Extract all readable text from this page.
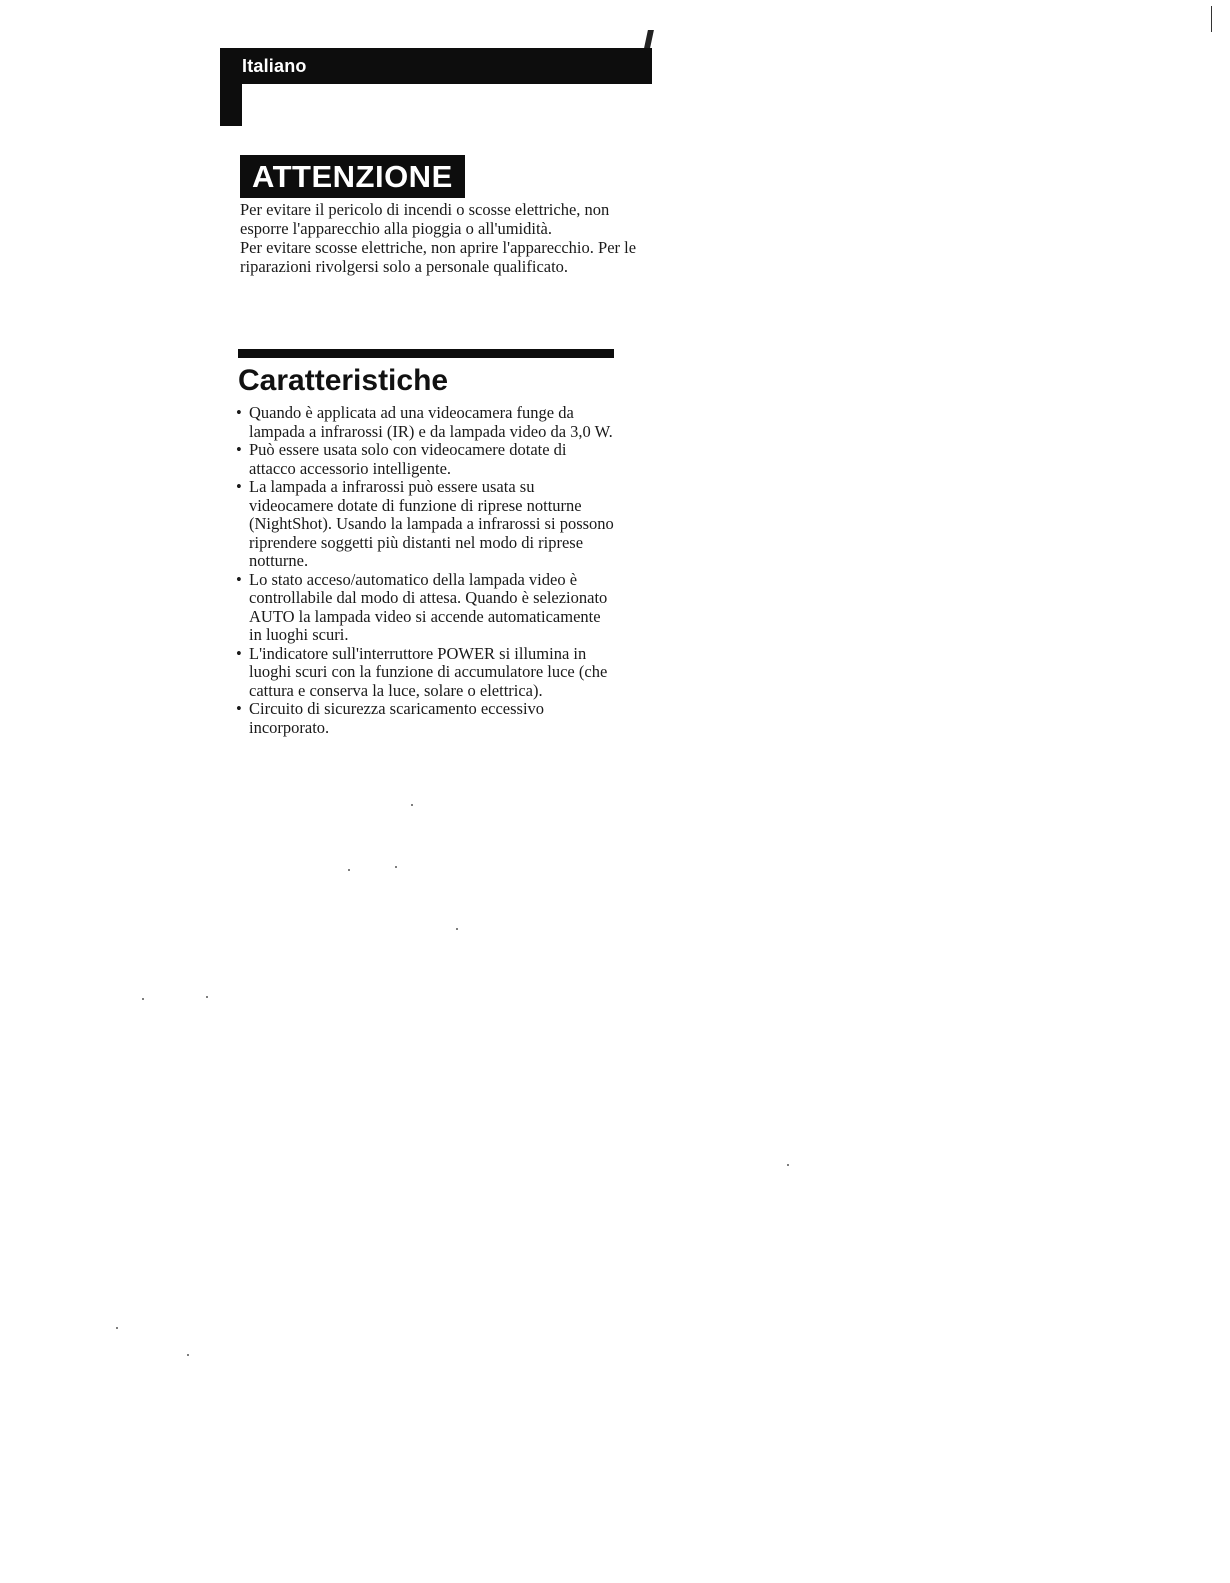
Italiano
ATTENZIONE

Per evitare il pericolo di incendi o scosse elettriche, non esporre l'apparecchio alla pioggia o all'umidità.

Per evitare scosse elettriche, non aprire l'apparecchio. Per le riparazioni rivolgersi solo a personale qualificato.

Caratteristiche
• Quando è applicata ad una videocamera funge da lampada a infrarossi (IR) e da lampada video da 3,0 W.
• Può essere usata solo con videocamere dotate di attacco accessorio intelligente.
• La lampada a infrarossi può essere usata su videocamere dotate di funzione di riprese notturne (NightShot). Usando la lampada a infrarossi si possono riprendere soggetti più distanti nel modo di riprese notturne.
• Lo stato acceso/automatico della lampada video è controllabile dal modo di attesa. Quando è selezionato AUTO la lampada video si accende automaticamente in luoghi scuri.
• L'indicatore sull'interruttore POWER si illumina in luoghi scuri con la funzione di accumulatore luce (che cattura e conserva la luce, solare o elettrica).
• Circuito di sicurezza scaricamento eccessivo incorporato.
